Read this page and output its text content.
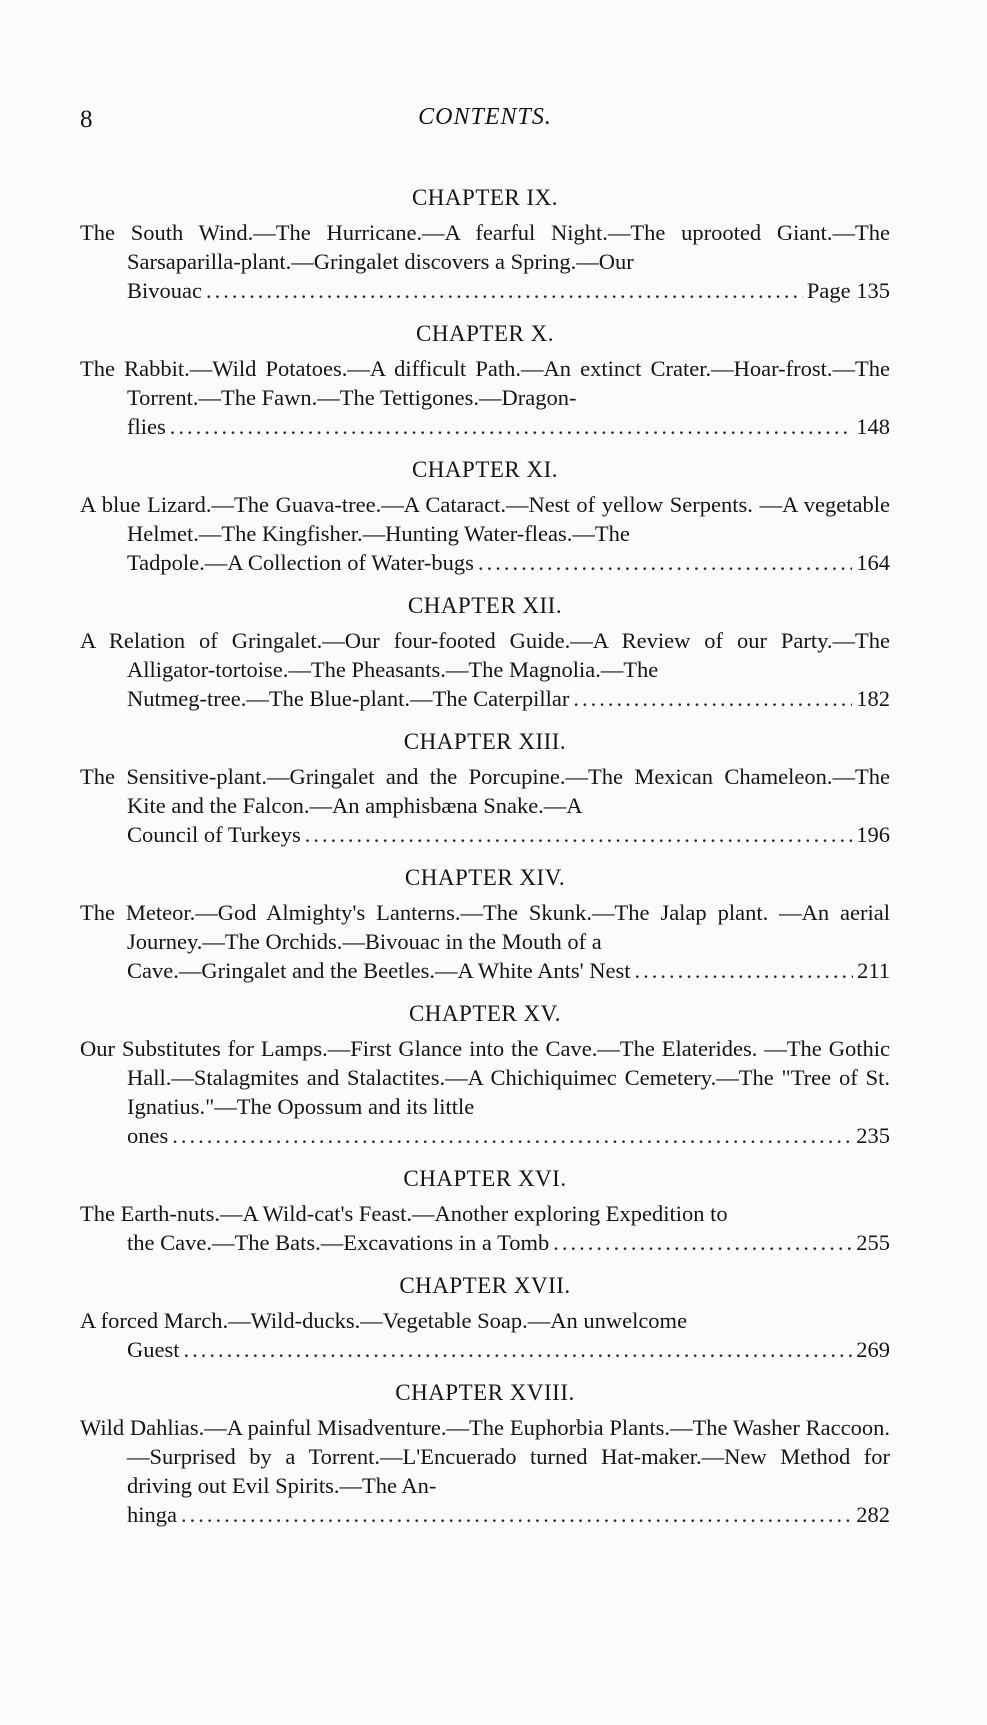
8	CONTENTS.
CHAPTER IX.
The South Wind.—The Hurricane.—A fearful Night.—The uprooted Giant.—The Sarsaparilla-plant.—Gringalet discovers a Spring.—Our
Bivouac .....	Page 135
CHAPTER X.
The Rabbit.—Wild Potatoes.—A difficult Path.—An extinct Crater.—Hoar-frost.—The Torrent.—The Fawn.—The Tettigones.—Dragon-
flies .....	148
CHAPTER XI.
A blue Lizard.—The Guava-tree.—A Cataract.—Nest of yellow Serpents. —A vegetable Helmet.—The Kingfisher.—Hunting Water-fleas.—The
Tadpole.—A Collection of Water-bugs .....	164
CHAPTER XII.
A Relation of Gringalet.—Our four-footed Guide.—A Review of our Party.—The Alligator-tortoise.—The Pheasants.—The Magnolia.—The
Nutmeg-tree.—The Blue-plant.—The Caterpillar .....	182
CHAPTER XIII.
The Sensitive-plant.—Gringalet and the Porcupine.—The Mexican Chameleon.—The Kite and the Falcon.—An amphisbæna Snake.—A
Council of Turkeys .....	196
CHAPTER XIV.
The Meteor.—God Almighty's Lanterns.—The Skunk.—The Jalap plant. —An aerial Journey.—The Orchids.—Bivouac in the Mouth of a
Cave.—Gringalet and the Beetles.—A White Ants' Nest .....	211
CHAPTER XV.
Our Substitutes for Lamps.—First Glance into the Cave.—The Elaterides. —The Gothic Hall.—Stalagmites and Stalactites.—A Chichiquimec Cemetery.—The "Tree of St. Ignatius."—The Opossum and its little
ones .....	235
CHAPTER XVI.
The Earth-nuts.—A Wild-cat's Feast.—Another exploring Expedition to
the Cave.—The Bats.—Excavations in a Tomb .....	255
CHAPTER XVII.
A forced March.—Wild-ducks.—Vegetable Soap.—An unwelcome
Guest .....	269
CHAPTER XVIII.
Wild Dahlias.—A painful Misadventure.—The Euphorbia Plants.—The Washer Raccoon.—Surprised by a Torrent.—L'Encuerado turned Hat-maker.—New Method for driving out Evil Spirits.—The An-
hinga .....	282
